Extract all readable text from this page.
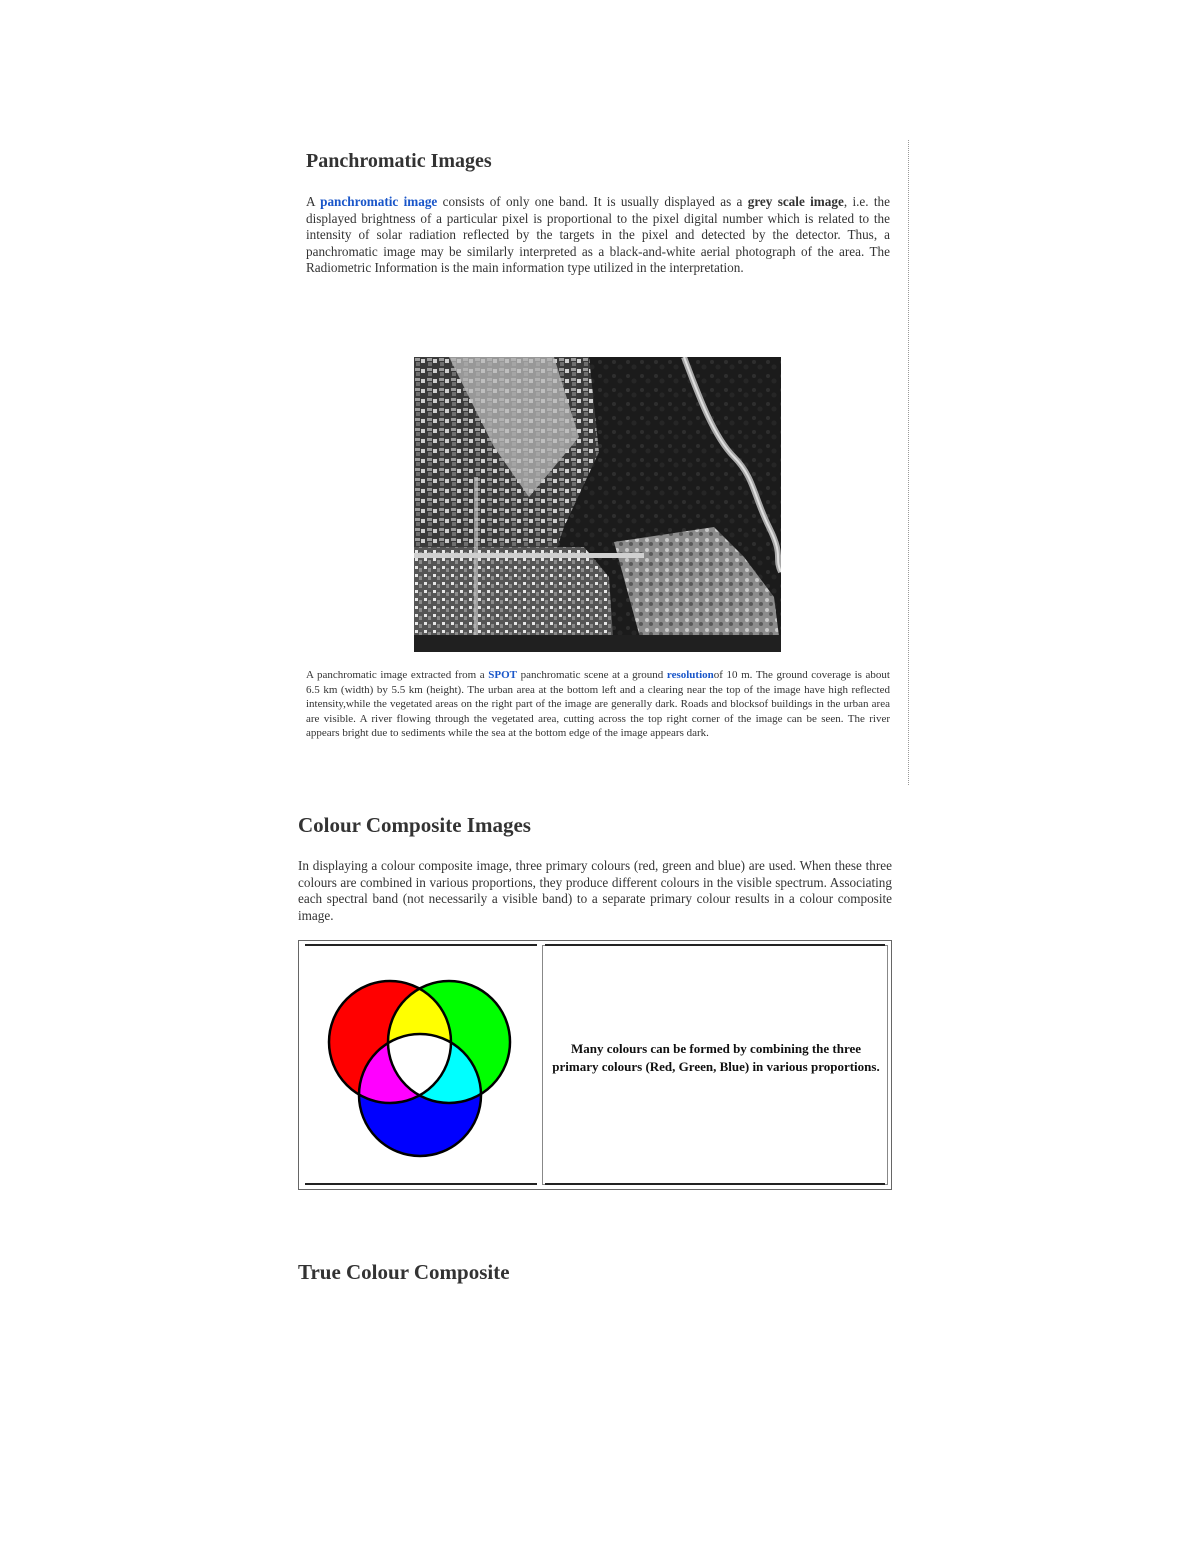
Panchromatic Images
A panchromatic image consists of only one band. It is usually displayed as a grey scale image, i.e. the displayed brightness of a particular pixel is proportional to the pixel digital number which is related to the intensity of solar radiation reflected by the targets in the pixel and detected by the detector. Thus, a panchromatic image may be similarly interpreted as a black-and-white aerial photograph of the area. The Radiometric Information is the main information type utilized in the interpretation.
A panchromatic image extracted from a SPOT panchromatic scene at a ground resolutionof 10 m. The ground coverage is about 6.5 km (width) by 5.5 km (height). The urban area at the bottom left and a clearing near the top of the image have high reflected intensity,while the vegetated areas on the right part of the image are generally dark. Roads and blocksof buildings in the urban area are visible. A river flowing through the vegetated area, cutting across the top right corner of the image can be seen. The river appears bright due to sediments while the sea at the bottom edge of the image appears dark.
Colour Composite Images
In displaying a colour composite image, three primary colours (red, green and blue) are used. When these three colours are combined in various proportions, they produce different colours in the visible spectrum. Associating each spectral band (not necessarily a visible band) to a separate primary colour results in a colour composite image.
Many colours can be formed by combining the three primary colours (Red, Green, Blue) in various proportions.
True Colour Composite
